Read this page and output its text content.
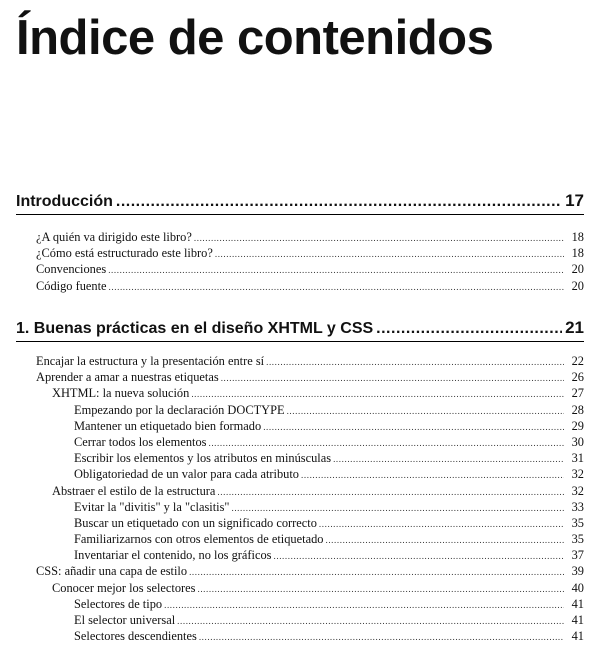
Índice de contenidos
Introducción .....	17
¿A quién va dirigido este libro? .....	18
¿Cómo está estructurado este libro? .....	18
Convenciones .....	20
Código fuente .....	20
1. Buenas prácticas en el diseño XHTML y CSS .....	21
Encajar la estructura y la presentación entre sí .....	22
Aprender a amar a nuestras etiquetas .....	26
XHTML: la nueva solución .....	27
Empezando por la declaración DOCTYPE .....	28
Mantener un etiquetado bien formado .....	29
Cerrar todos los elementos .....	30
Escribir los elementos y los atributos en minúsculas .....	31
Obligatoriedad de un valor para cada atributo .....	32
Abstraer el estilo de la estructura .....	32
Evitar la "divitis" y la "clasitis" .....	33
Buscar un etiquetado con un significado correcto .....	35
Familiarizarnos con otros elementos de etiquetado .....	35
Inventariar el contenido, no los gráficos .....	37
CSS: añadir una capa de estilo .....	39
Conocer mejor los selectores .....	40
Selectores de tipo .....	41
El selector universal .....	41
Selectores descendientes .....	41
